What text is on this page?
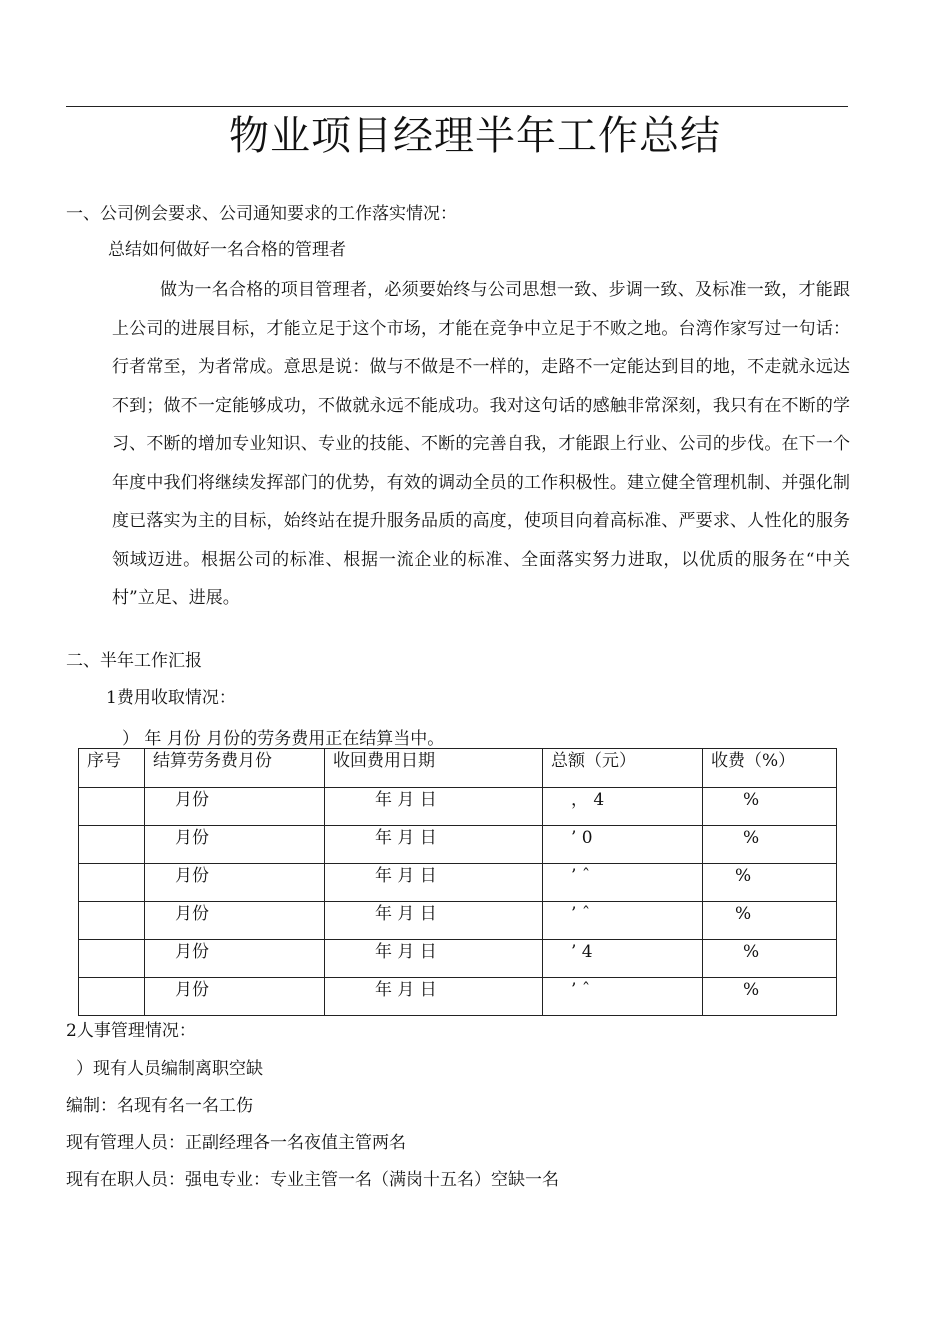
物业项目经理半年工作总结

一、公司例会要求、公司通知要求的工作落实情况：

总结如何做好一名合格的管理者

做为一名合格的项目管理者，必须要始终与公司思想一致、步调一致、及标准一致，才能跟上公司的进展目标，才能立足于这个市场，才能在竞争中立足于不败之地。台湾作家写过一句话：行者常至，为者常成。意思是说：做与不做是不一样的，走路不一定能达到目的地，不走就永远达不到；做不一定能够成功，不做就永远不能成功。我对这句话的感触非常深刻，我只有在不断的学习、不断的增加专业知识、专业的技能、不断的完善自我，才能跟上行业、公司的步伐。在下一个年度中我们将继续发挥部门的优势，有效的调动全员的工作积极性。建立健全管理机制、并强化制度已落实为主的目标，始终站在提升服务品质的高度，使项目向着高标准、严要求、人性化的服务领域迈进。根据公司的标准、根据一流企业的标准、全面落实努力进取，以优质的服务在“中关村”立足、进展。

二、半年工作汇报

1费用收取情况：

） 年 月份 月份的劳务费用正在结算当中。

序号	结算劳务费月份	收回费用日期	总额（元）	收费（%）
	月份	年 月 日	， 4	%
	月份	年 月 日	’ 0	%
	月份	年 月 日	’ ˆ	%
	月份	年 月 日	’ ˆ	%
	月份	年 月 日	’ 4	%
	月份	年 月 日	’ ˆ	%

2人事管理情况：

）现有人员编制离职空缺

编制：名现有名一名工伤

现有管理人员：正副经理各一名夜值主管两名

现有在职人员：强电专业：专业主管一名（满岗十五名）空缺一名
